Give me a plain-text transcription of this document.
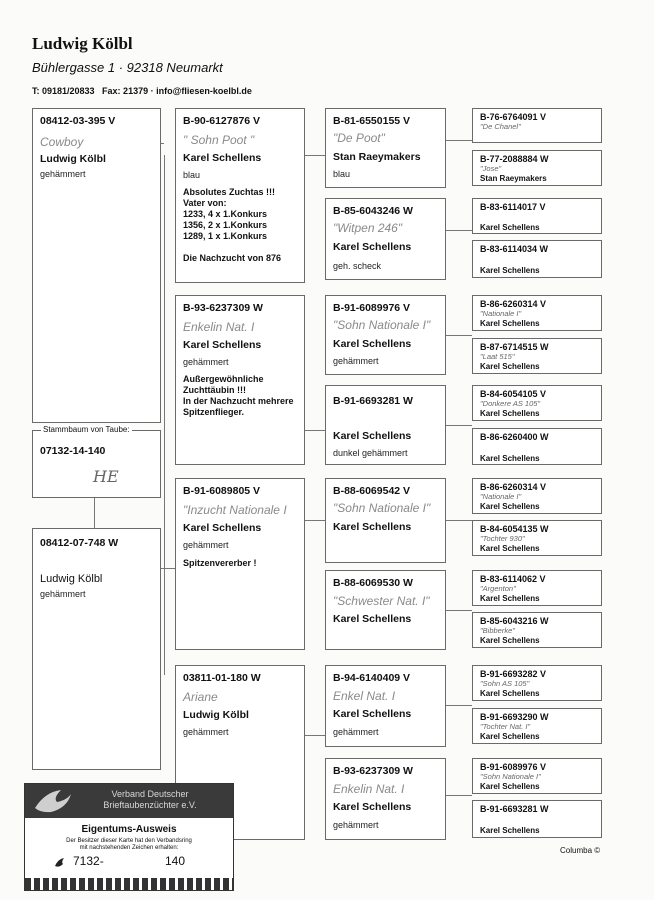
Ludwig Kölbl
Bühlergasse 1 · 92318 Neumarkt
T: 09181/20833   Fax: 21379 · info@fliesen-koelbl.de
08412-03-395 V
Cowboy
Ludwig Kölbl
gehämmert
Stammbaum von Taube:
07132-14-140
HE
08412-07-748 W
Ludwig Kölbl
gehämmert
B-90-6127876 V
" Sohn Poot "
Karel Schellens
blau
Absolutes Zuchtas !!!
Vater von:
1233, 4 x 1.Konkurs
1356, 2 x 1.Konkurs
1289, 1 x 1.Konkurs

Die Nachzucht von 876
B-93-6237309 W
Enkelin Nat. I
Karel Schellens
gehämmert
Außergewöhnliche
Zuchttäubin !!!
In der Nachzucht mehrere
Spitzenflieger.
B-91-6089805 V
"Inzucht Nationale I
Karel Schellens
gehämmert
Spitzenvererber !
03811-01-180 W
Ariane
Ludwig Kölbl
gehämmert
B-81-6550155 V
"De Poot"
Stan Raeymakers
blau
B-85-6043246 W
"Witpen 246"
Karel Schellens
geh. scheck
B-91-6089976 V
"Sohn Nationale I"
Karel Schellens
gehämmert
B-91-6693281 W
Karel Schellens
dunkel gehämmert
B-88-6069542 V
"Sohn Nationale I"
Karel Schellens
B-88-6069530 W
"Schwester Nat. I"
Karel Schellens
B-94-6140409 V
Enkel Nat. I
Karel Schellens
gehämmert
B-93-6237309 W
Enkelin Nat. I
Karel Schellens
gehämmert
B-76-6764091 V
"De Chanel"
B-77-2088884 W
"Jose"
Stan Raeymakers
B-83-6114017 V
Karel Schellens
B-83-6114034 W
Karel Schellens
B-86-6260314 V
"Nationale I"
Karel Schellens
B-87-6714515 W
"Laat 515"
Karel Schellens
B-84-6054105 V
"Donkere AS 105"
Karel Schellens
B-86-6260400 W
Karel Schellens
B-86-6260314 V
"Nationale I"
Karel Schellens
B-84-6054135 W
"Tochter 930"
Karel Schellens
B-83-6114062 V
"Argenton"
Karel Schellens
B-85-6043216 W
"Bibberke"
Karel Schellens
B-91-6693282 V
"Sohn AS 105"
Karel Schellens
B-91-6693290 W
"Tochter Nat. I"
Karel Schellens
B-91-6089976 V
"Sohn Nationale I"
Karel Schellens
B-91-6693281 W
Karel Schellens
Columba ©
Verband Deutscher
Brieftaubenzüchter e.V.
Eigentums-Ausweis
Der Besitzer dieser Karte hat den Verbandsring
mit nachstehenden Zeichen erhalten:
7132-	140
